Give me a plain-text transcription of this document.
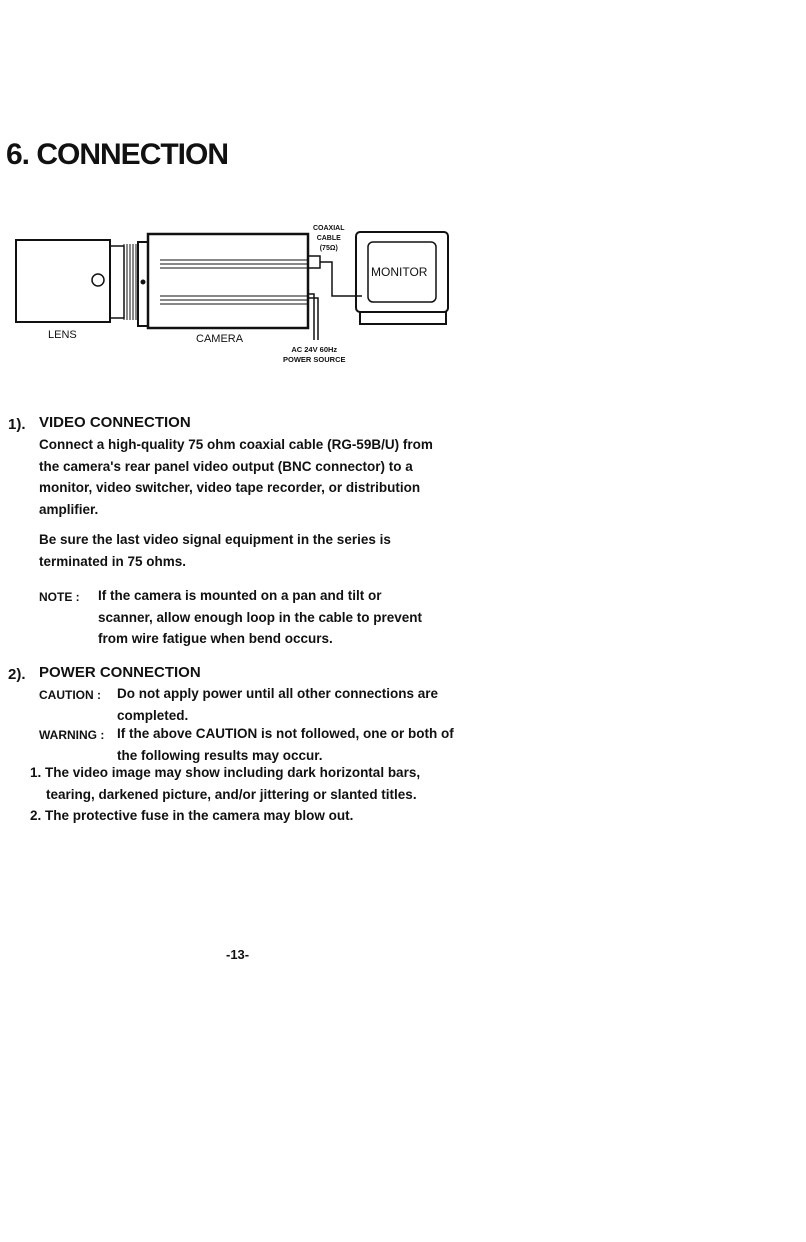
6. CONNECTION
LENS	CAMERA
MONITOR
COAXIAL
CABLE
(75Ω)
AC 24V 60Hz
POWER SOURCE
1). VIDEO CONNECTION
Connect a high-quality 75 ohm coaxial cable (RG-59B/U) from
the camera's rear panel video output (BNC connector) to a
monitor, video switcher, video tape recorder, or distribution
amplifier.
Be sure the last video signal equipment in the series is
terminated in 75 ohms.
NOTE : If the camera is mounted on a pan and tilt or
scanner, allow enough loop in the cable to prevent
from wire fatigue when bend occurs.
2). POWER CONNECTION
CAUTION : Do not apply power until all other connections are
completed.
WARNING : If the above CAUTION is not followed, one or both of
the following results may occur.
1. The video image may show including dark horizontal bars,
tearing, darkened picture, and/or jittering or slanted titles.
2. The protective fuse in the camera may blow out.
-13-
